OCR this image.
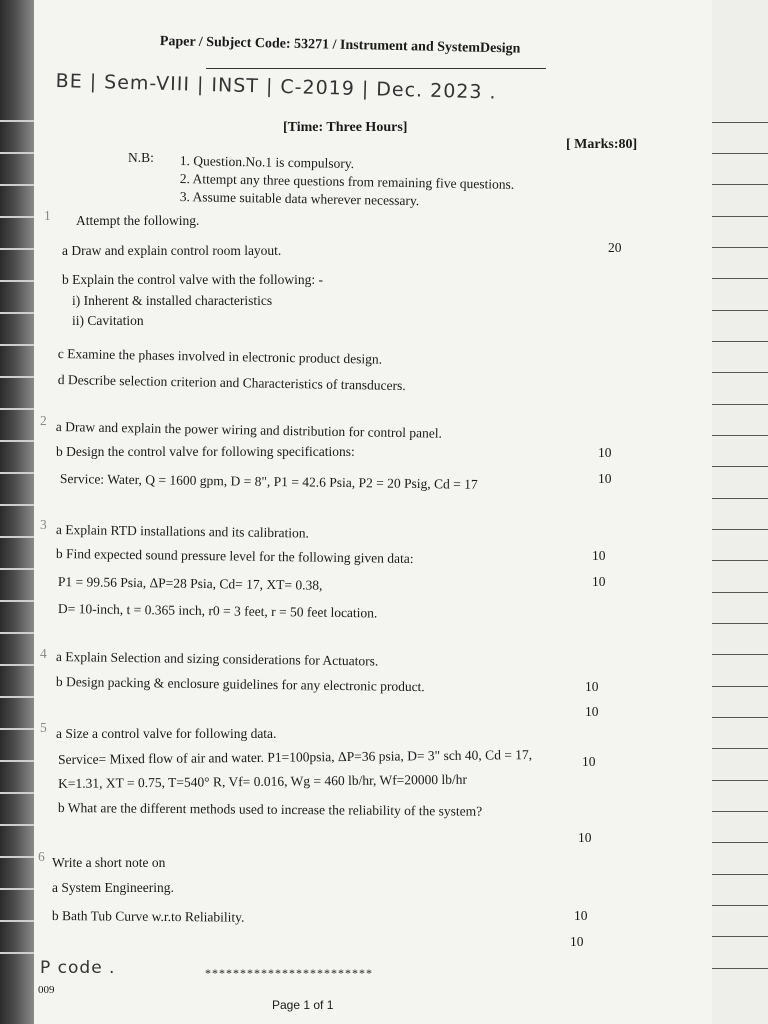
Paper / Subject Code: 53271 / Instrument and SystemDesign
BE | Sem-VIII | INST | C-2019 | Dec. 2023 .
[Time: Three Hours]
[ Marks:80]
N.B: 1. Question.No.1 is compulsory.
2. Attempt any three questions from remaining five questions.
3. Assume suitable data wherever necessary.
1 Attempt the following.
a Draw and explain control room layout.	20
b Explain the control valve with the following: -
i) Inherent & installed characteristics
ii) Cavitation
c Examine the phases involved in electronic product design.
d Describe selection criterion and Characteristics of transducers.
2 a Draw and explain the power wiring and distribution for control panel.
10
b Design the control valve for following specifications:
10
Service: Water, Q = 1600 gpm, D = 8", P1 = 42.6 Psia, P2 = 20 Psig, Cd = 17
3 a Explain RTD installations and its calibration.
10
b Find expected sound pressure level for the following given data:
10
P1 = 99.56 Psia, ΔP=28 Psia, Cd= 17, XT= 0.38,
D= 10-inch, t = 0.365 inch, r0 = 3 feet, r = 50 feet location.
4 a Explain Selection and sizing considerations for Actuators.
10
b Design packing & enclosure guidelines for any electronic product.
10
5 a Size a control valve for following data.
10
Service= Mixed flow of air and water. P1=100psia, ΔP=36 psia, D= 3" sch 40, Cd = 17,
K=1.31, XT = 0.75, T=540° R, Vf= 0.016, Wg = 460 lb/hr, Wf=20000 lb/hr
b What are the different methods used to increase the reliability of the system?
10
6 Write a short note on
a System Engineering.
10
b Bath Tub Curve w.r.to Reliability.
10
P code .
009
************************
Page 1 of 1
